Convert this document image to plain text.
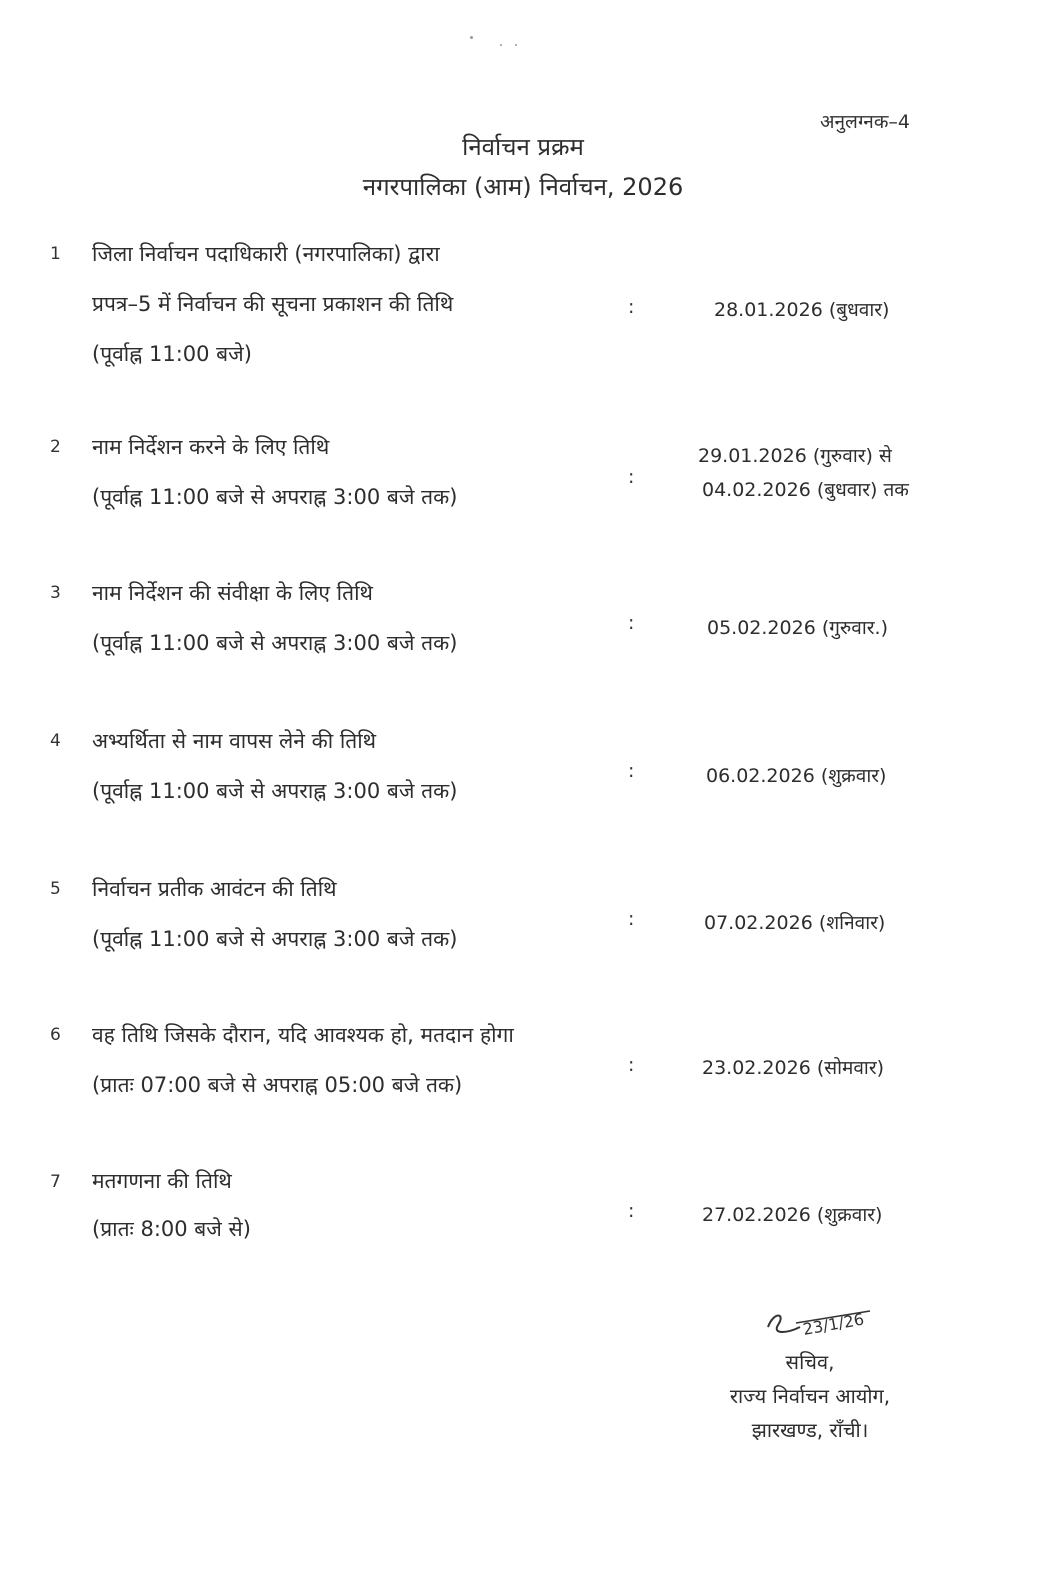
अनुलग्नक–4
निर्वाचन प्रक्रम
नगरपालिका (आम) निर्वाचन, 2026
1 जिला निर्वाचन पदाधिकारी (नगरपालिका) द्वारा
प्रपत्र–5 में निर्वाचन की सूचना प्रकाशन की तिथि
(पूर्वाह्न 11:00 बजे)
:	28.01.2026 (बुधवार)
2 नाम निर्देशन करने के लिए तिथि
(पूर्वाह्न 11:00 बजे से अपराह्न 3:00 बजे तक)
:
29.01.2026 (गुरुवार) से
04.02.2026 (बुधवार) तक
3 नाम निर्देशन की संवीक्षा के लिए तिथि
(पूर्वाह्न 11:00 बजे से अपराह्न 3:00 बजे तक)
:	05.02.2026 (गुरुवार.)
4 अभ्यर्थिता से नाम वापस लेने की तिथि
(पूर्वाह्न 11:00 बजे से अपराह्न 3:00 बजे तक)
:	06.02.2026 (शुक्रवार)
5 निर्वाचन प्रतीक आवंटन की तिथि
(पूर्वाह्न 11:00 बजे से अपराह्न 3:00 बजे तक)
:	07.02.2026 (शनिवार)
6 वह तिथि जिसके दौरान, यदि आवश्यक हो, मतदान होगा
(प्रातः 07:00 बजे से अपराह्न 05:00 बजे तक)
:	23.02.2026 (सोमवार)
7 मतगणना की तिथि
(प्रातः 8:00 बजे से)
:	27.02.2026 (शुक्रवार)
23/1/26
सचिव,
राज्य निर्वाचन आयोग,
झारखण्ड, राँची।
